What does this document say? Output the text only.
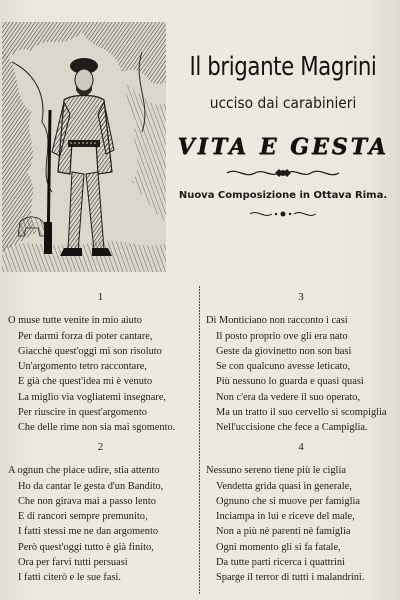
Il brigante Magrini
ucciso dai carabinieri
VITA E GESTA
Nuova Composizione in Ottava Rima.
1
O muse tutte venite in mio aiuto
Per darmi forza di poter cantare,
Giacchè quest'oggi mi son risoluto
Un'argomento tetro raccontare,
E già che quest'idea mi è venuto
La miglio via vogliatemi insegnare,
Per riuscire in quest'argomento
Che delle rime non sia mai sgomento.
2
A ognun che piace udire, stia attento
Ho da cantar le gesta d'un Bandito,
Che non girava mai a passo lento
E di rancori sempre premunito,
I fatti stessi me ne dan argomento
Però quest'oggi tutto è già finito,
Ora per farvi tutti persuasi
I fatti citerò e le sue fasi.
3
Di Monticiano non racconto i casi
Il posto proprio ove gli era nato
Geste da giovinetto non son basi
Se con qualcuno avesse leticato,
Più nessuno lo guarda e quasi quasi
Non c'era da vedere il suo operato,
Ma un tratto il suo cervello si scompiglia
Nell'uccisione che fece a Campiglia.
4
Nessuno sereno tiene più le ciglia
Vendetta grida quasi in generale,
Ognuno che si muove per famiglia
Inciampa in lui e riceve del male,
Non a più nè parenti nè famiglia
Ogni momento gli si fa fatale,
Da tutte parti ricerca i quattrini
Sparge il terror di tutti i malandrini.
